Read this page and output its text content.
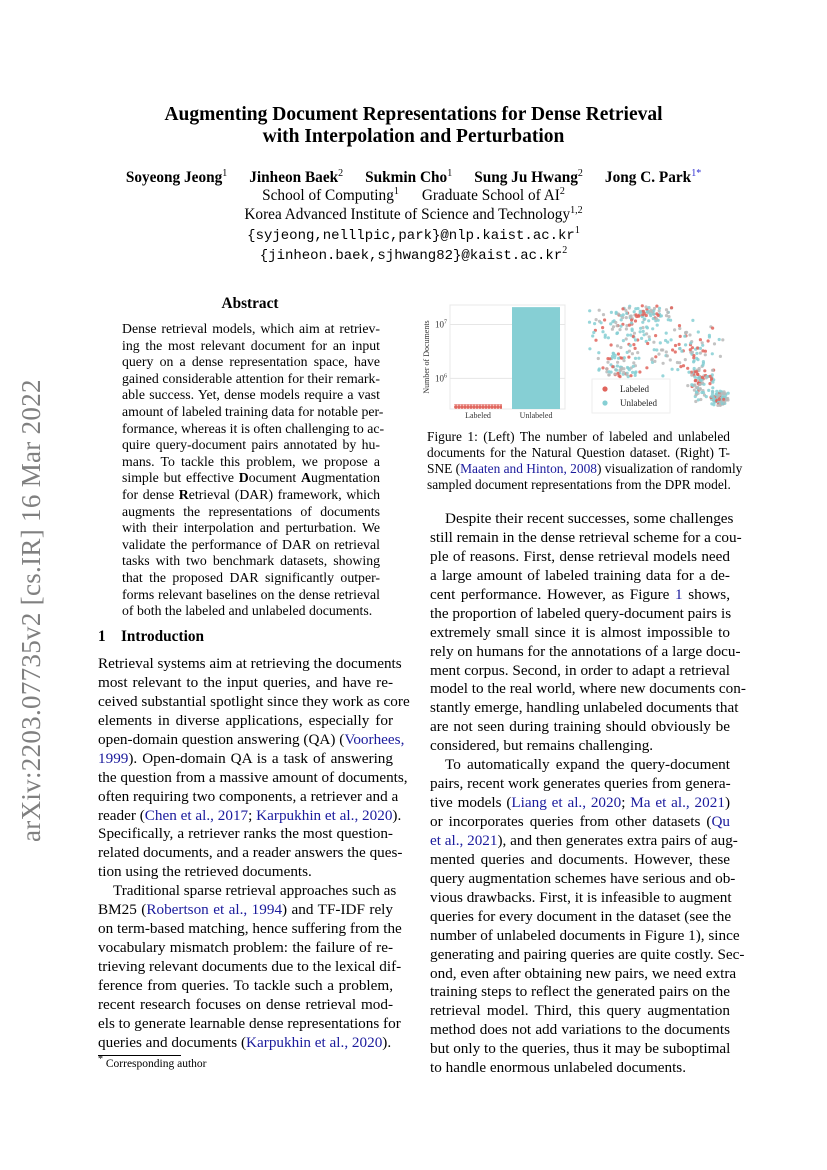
arXiv:2203.07735v2 [cs.IR] 16 Mar 2022
Augmenting Document Representations for Dense Retrieval
with Interpolation and Perturbation
Soyeong Jeong$^1$ Jinheon Baek$^2$ Sukmin Cho$^1$ Sung Ju Hwang$^2$ Jong C. Park$^{1*}$
School of Computing$^1$ Graduate School of $AI^2$
Korea Advanced Institute of Science and Technology$^{1,2}$
$\{syjeong,nelllpic,park\}@nlp.kaist.ac.kr^1$
$\{jinheon.baek,sjhwang82\}@kaist.ac.kr^2$
Abstract
Dense retrieval models, which aim at retriev-
ing the most relevant document for an input
query on a dense representation space, have
gained considerable attention for their remark-
able success. Yet, dense models require a vast
amount of labeled training data for notable per-
formance, whereas it is often challenging to ac-
quire query-document pairs annotated by hu-
mans. To tackle this problem, we propose a
simple but effective Document Augmentation
for dense Retrieval (DAR) framework, which
augments the representations of documents
with their interpolation and perturbation. We
validate the performance of DAR on retrieval
tasks with two benchmark datasets, showing
that the proposed DAR significantly outper-
forms relevant baselines on the dense retrieval
of both the labeled and unlabeled documents.
1 Introduction
Retrieval systems aim at retrieving the documents
most relevant to the input queries, and have re-
ceived substantial spotlight since they work as core
elements in diverse applications, especially for
open-domain question answering (QA) (Voorhees,
1999). Open-domain QA is a task of answering
the question from a massive amount of documents,
often requiring two components, a retriever and a
reader (Chen et al., 2017; Karpukhin et al., 2020).
Specifically, a retriever ranks the most question-
related documents, and a reader answers the ques-
tion using the retrieved documents.
Traditional sparse retrieval approaches such as
BM25 (Robertson et al., 1994) and TF-IDF rely
on term-based matching, hence suffering from the
vocabulary mismatch problem: the failure of re-
trieving relevant documents due to the lexical dif-
ference from queries. To tackle such a problem,
recent research focuses on dense retrieval mod-
els to generate learnable dense representations for
queries and documents (Karpukhin et al., 2020).
$10^6$
$10^7$
Number of Documents
Labeled	Unlabeled
Labeled
Unlabeled
Figure 1: (Left) The number of labeled and unlabeled
documents for the Natural Question dataset. (Right) T-
SNE (Maaten and Hinton, 2008) visualization of randomly
sampled document representations from the DPR model.
Despite their recent successes, some challenges
still remain in the dense retrieval scheme for a cou-
ple of reasons. First, dense retrieval models need
a large amount of labeled training data for a de-
cent performance. However, as Figure 1 shows,
the proportion of labeled query-document pairs is
extremely small since it is almost impossible to
rely on humans for the annotations of a large docu-
ment corpus. Second, in order to adapt a retrieval
model to the real world, where new documents con-
stantly emerge, handling unlabeled documents that
are not seen during training should obviously be
considered, but remains challenging.
To automatically expand the query-document
pairs, recent work generates queries from genera-
tive models (Liang et al., 2020; Ma et al., 2021)
or incorporates queries from other datasets (Qu
et al., 2021), and then generates extra pairs of aug-
mented queries and documents. However, these
query augmentation schemes have serious and ob-
vious drawbacks. First, it is infeasible to augment
queries for every document in the dataset (see the
number of unlabeled documents in Figure 1), since
generating and pairing queries are quite costly. Sec-
ond, even after obtaining new pairs, we need extra
training steps to reflect the generated pairs on the
retrieval model. Third, this query augmentation
method does not add variations to the documents
but only to the queries, thus it may be suboptimal
to handle enormous unlabeled documents.
* Corresponding author
